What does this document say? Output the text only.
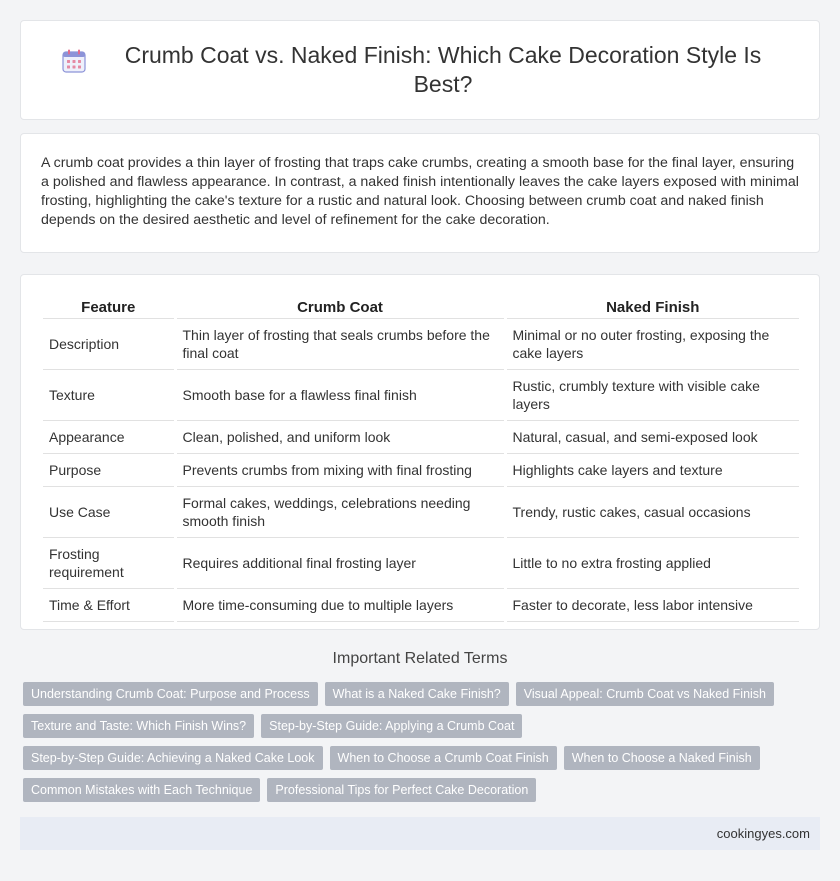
Crumb Coat vs. Naked Finish: Which Cake Decoration Style Is Best?

A crumb coat provides a thin layer of frosting that traps cake crumbs, creating a smooth base for the final layer, ensuring a polished and flawless appearance. In contrast, a naked finish intentionally leaves the cake layers exposed with minimal frosting, highlighting the cake's texture for a rustic and natural look. Choosing between crumb coat and naked finish depends on the desired aesthetic and level of refinement for the cake decoration.

Feature	Crumb Coat	Naked Finish
Description	Thin layer of frosting that seals crumbs before the final coat	Minimal or no outer frosting, exposing the cake layers
Texture	Smooth base for a flawless final finish	Rustic, crumbly texture with visible cake layers
Appearance	Clean, polished, and uniform look	Natural, casual, and semi-exposed look
Purpose	Prevents crumbs from mixing with final frosting	Highlights cake layers and texture
Use Case	Formal cakes, weddings, celebrations needing smooth finish	Trendy, rustic cakes, casual occasions
Frosting requirement	Requires additional final frosting layer	Little to no extra frosting applied
Time & Effort	More time-consuming due to multiple layers	Faster to decorate, less labor intensive
Important Related Terms
Understanding Crumb Coat: Purpose and Process	What is a Naked Cake Finish?	Visual Appeal: Crumb Coat vs Naked Finish
Texture and Taste: Which Finish Wins?	Step-by-Step Guide: Applying a Crumb Coat
Step-by-Step Guide: Achieving a Naked Cake Look	When to Choose a Crumb Coat Finish	When to Choose a Naked Finish
Common Mistakes with Each Technique	Professional Tips for Perfect Cake Decoration
cookingyes.com
